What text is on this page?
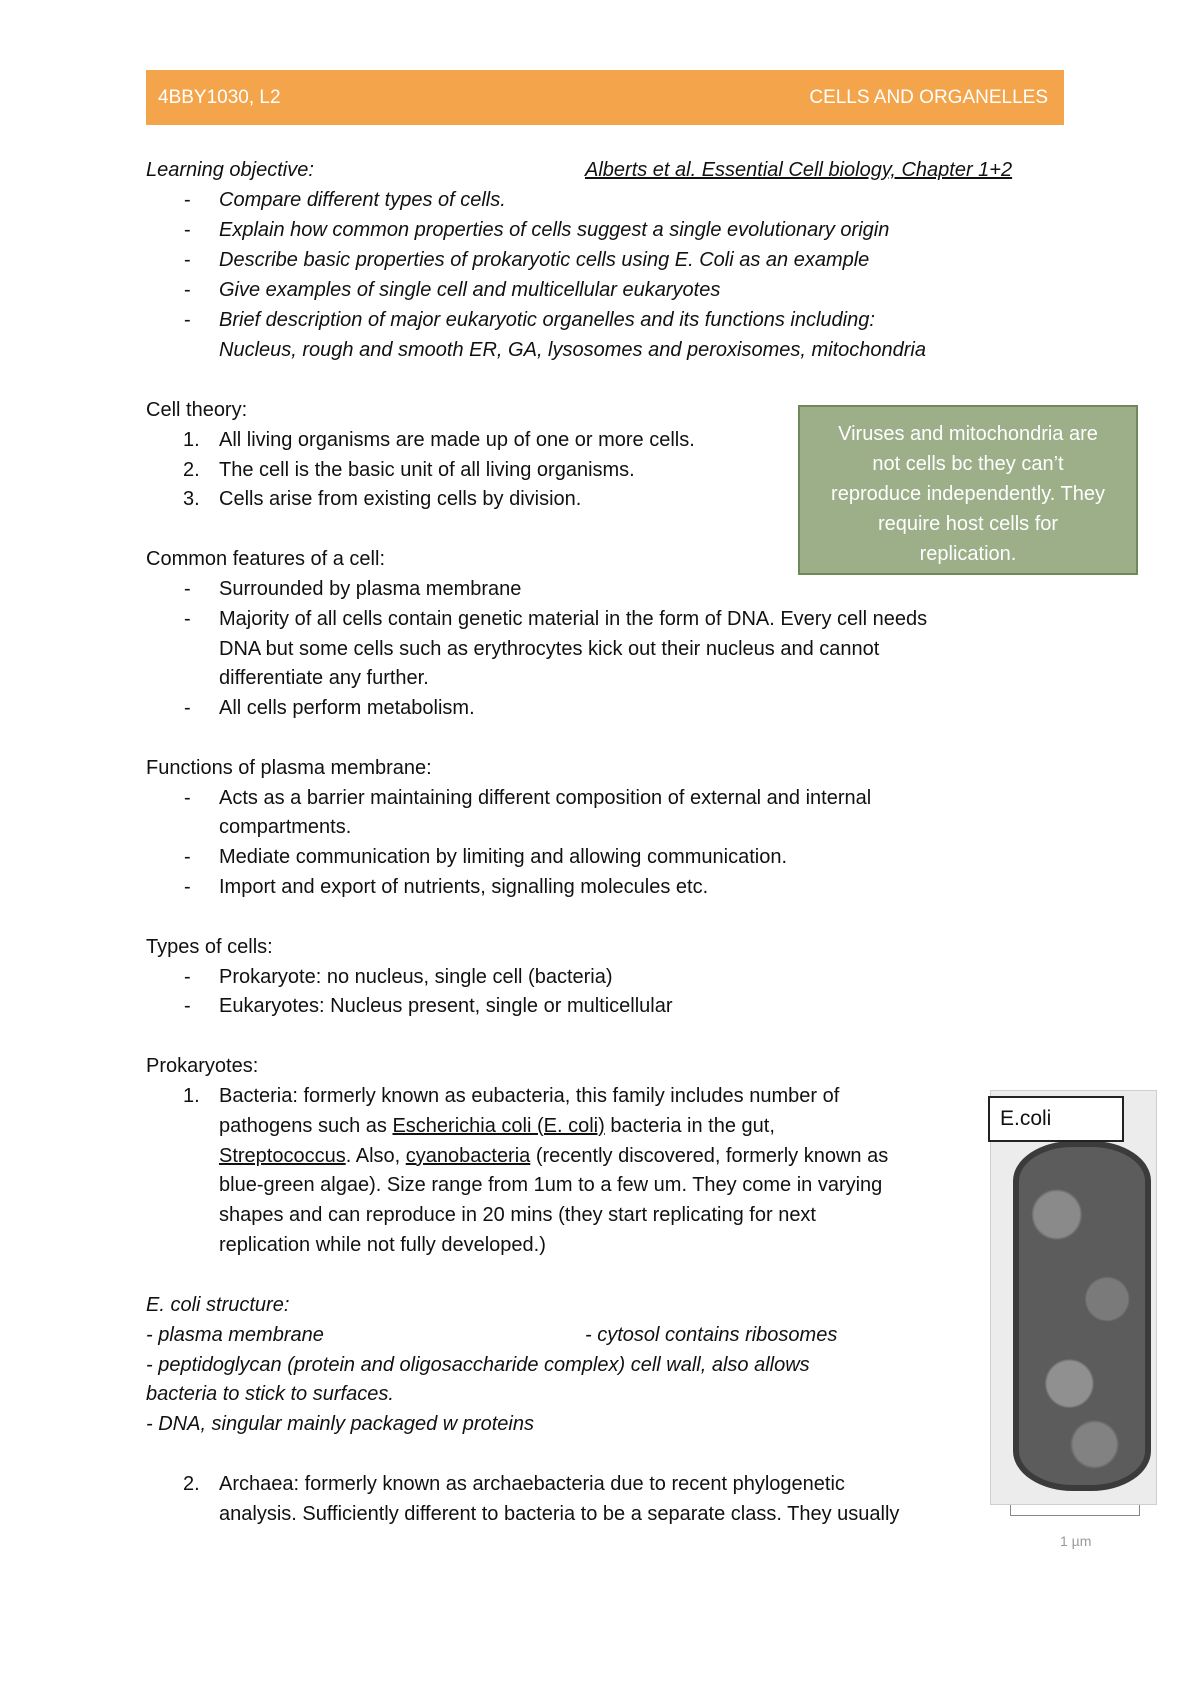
4BBY1030, L2	CELLS AND ORGANELLES
Learning objective:	Alberts et al. Essential Cell biology, Chapter 1+2
- Compare different types of cells.
- Explain how common properties of cells suggest a single evolutionary origin
- Describe basic properties of prokaryotic cells using E. Coli as an example
- Give examples of single cell and multicellular eukaryotes
- Brief description of major eukaryotic organelles and its functions including:
Nucleus, rough and smooth ER, GA, lysosomes and peroxisomes, mitochondria
Cell theory:
1. All living organisms are made up of one or more cells.
2. The cell is the basic unit of all living organisms.
3. Cells arise from existing cells by division.
Viruses and mitochondria are
not cells bc they can’t
reproduce independently. They
require host cells for
replication.
Common features of a cell:
- Surrounded by plasma membrane
- Majority of all cells contain genetic material in the form of DNA. Every cell needs
DNA but some cells such as erythrocytes kick out their nucleus and cannot
differentiate any further.
- All cells perform metabolism.
Functions of plasma membrane:
- Acts as a barrier maintaining different composition of external and internal
compartments.
- Mediate communication by limiting and allowing communication.
- Import and export of nutrients, signalling molecules etc.
Types of cells:
- Prokaryote: no nucleus, single cell (bacteria)
- Eukaryotes: Nucleus present, single or multicellular
Prokaryotes:
1. Bacteria: formerly known as eubacteria, this family includes number of
pathogens such as Escherichia coli (E. coli) bacteria in the gut,
Streptococcus. Also, cyanobacteria (recently discovered, formerly known as
blue-green algae). Size range from 1um to a few um. They come in varying
shapes and can reproduce in 20 mins (they start replicating for next
replication while not fully developed.)
E. coli structure:
- plasma membrane	- cytosol contains ribosomes
- peptidoglycan (protein and oligosaccharide complex) cell wall, also allows
bacteria to stick to surfaces.
- DNA, singular mainly packaged w proteins
2. Archaea: formerly known as archaebacteria due to recent phylogenetic
analysis. Sufficiently different to bacteria to be a separate class. They usually
E.coli
1 µm
